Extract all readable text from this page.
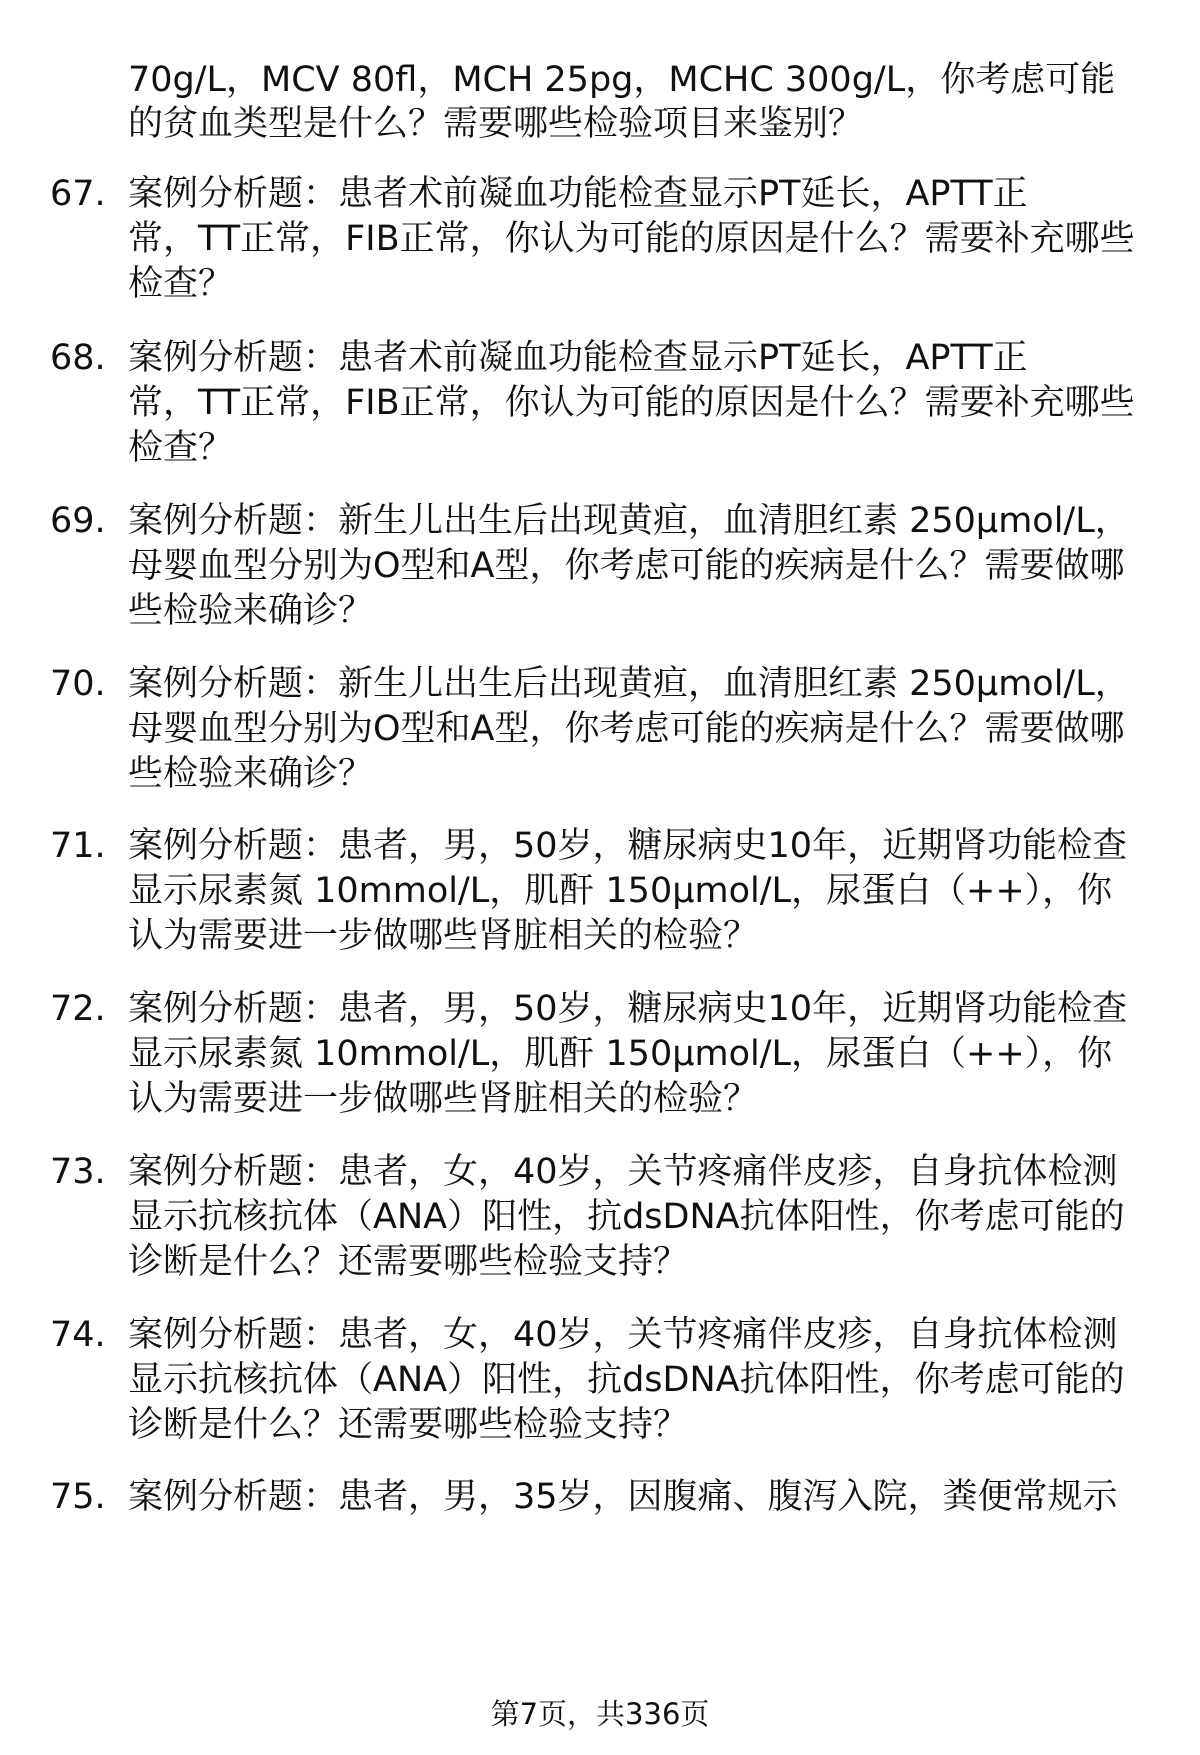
70g/L，MCV 80fl，MCH 25pg，MCHC 300g/L，你考虑可能
的贫血类型是什么？需要哪些检验项目来鉴别？
67. 案例分析题：患者术前凝血功能检查显示PT延长，APTT正
常，TT正常，FIB正常，你认为可能的原因是什么？需要补充哪些
检查？
68. 案例分析题：患者术前凝血功能检查显示PT延长，APTT正
常，TT正常，FIB正常，你认为可能的原因是什么？需要补充哪些
检查？
69. 案例分析题：新生儿出生后出现黄疸，血清胆红素 250μmol/L，
母婴血型分别为O型和A型，你考虑可能的疾病是什么？需要做哪
些检验来确诊？
70. 案例分析题：新生儿出生后出现黄疸，血清胆红素 250μmol/L，
母婴血型分别为O型和A型，你考虑可能的疾病是什么？需要做哪
些检验来确诊？
71. 案例分析题：患者，男，50岁，糖尿病史10年，近期肾功能检查
显示尿素氮 10mmol/L，肌酐 150μmol/L，尿蛋白（++），你
认为需要进一步做哪些肾脏相关的检验？
72. 案例分析题：患者，男，50岁，糖尿病史10年，近期肾功能检查
显示尿素氮 10mmol/L，肌酐 150μmol/L，尿蛋白（++），你
认为需要进一步做哪些肾脏相关的检验？
73. 案例分析题：患者，女，40岁，关节疼痛伴皮疹，自身抗体检测
显示抗核抗体（ANA）阳性，抗dsDNA抗体阳性，你考虑可能的
诊断是什么？还需要哪些检验支持？
74. 案例分析题：患者，女，40岁，关节疼痛伴皮疹，自身抗体检测
显示抗核抗体（ANA）阳性，抗dsDNA抗体阳性，你考虑可能的
诊断是什么？还需要哪些检验支持？
75. 案例分析题：患者，男，35岁，因腹痛、腹泻入院，粪便常规示
第7页，共336页
